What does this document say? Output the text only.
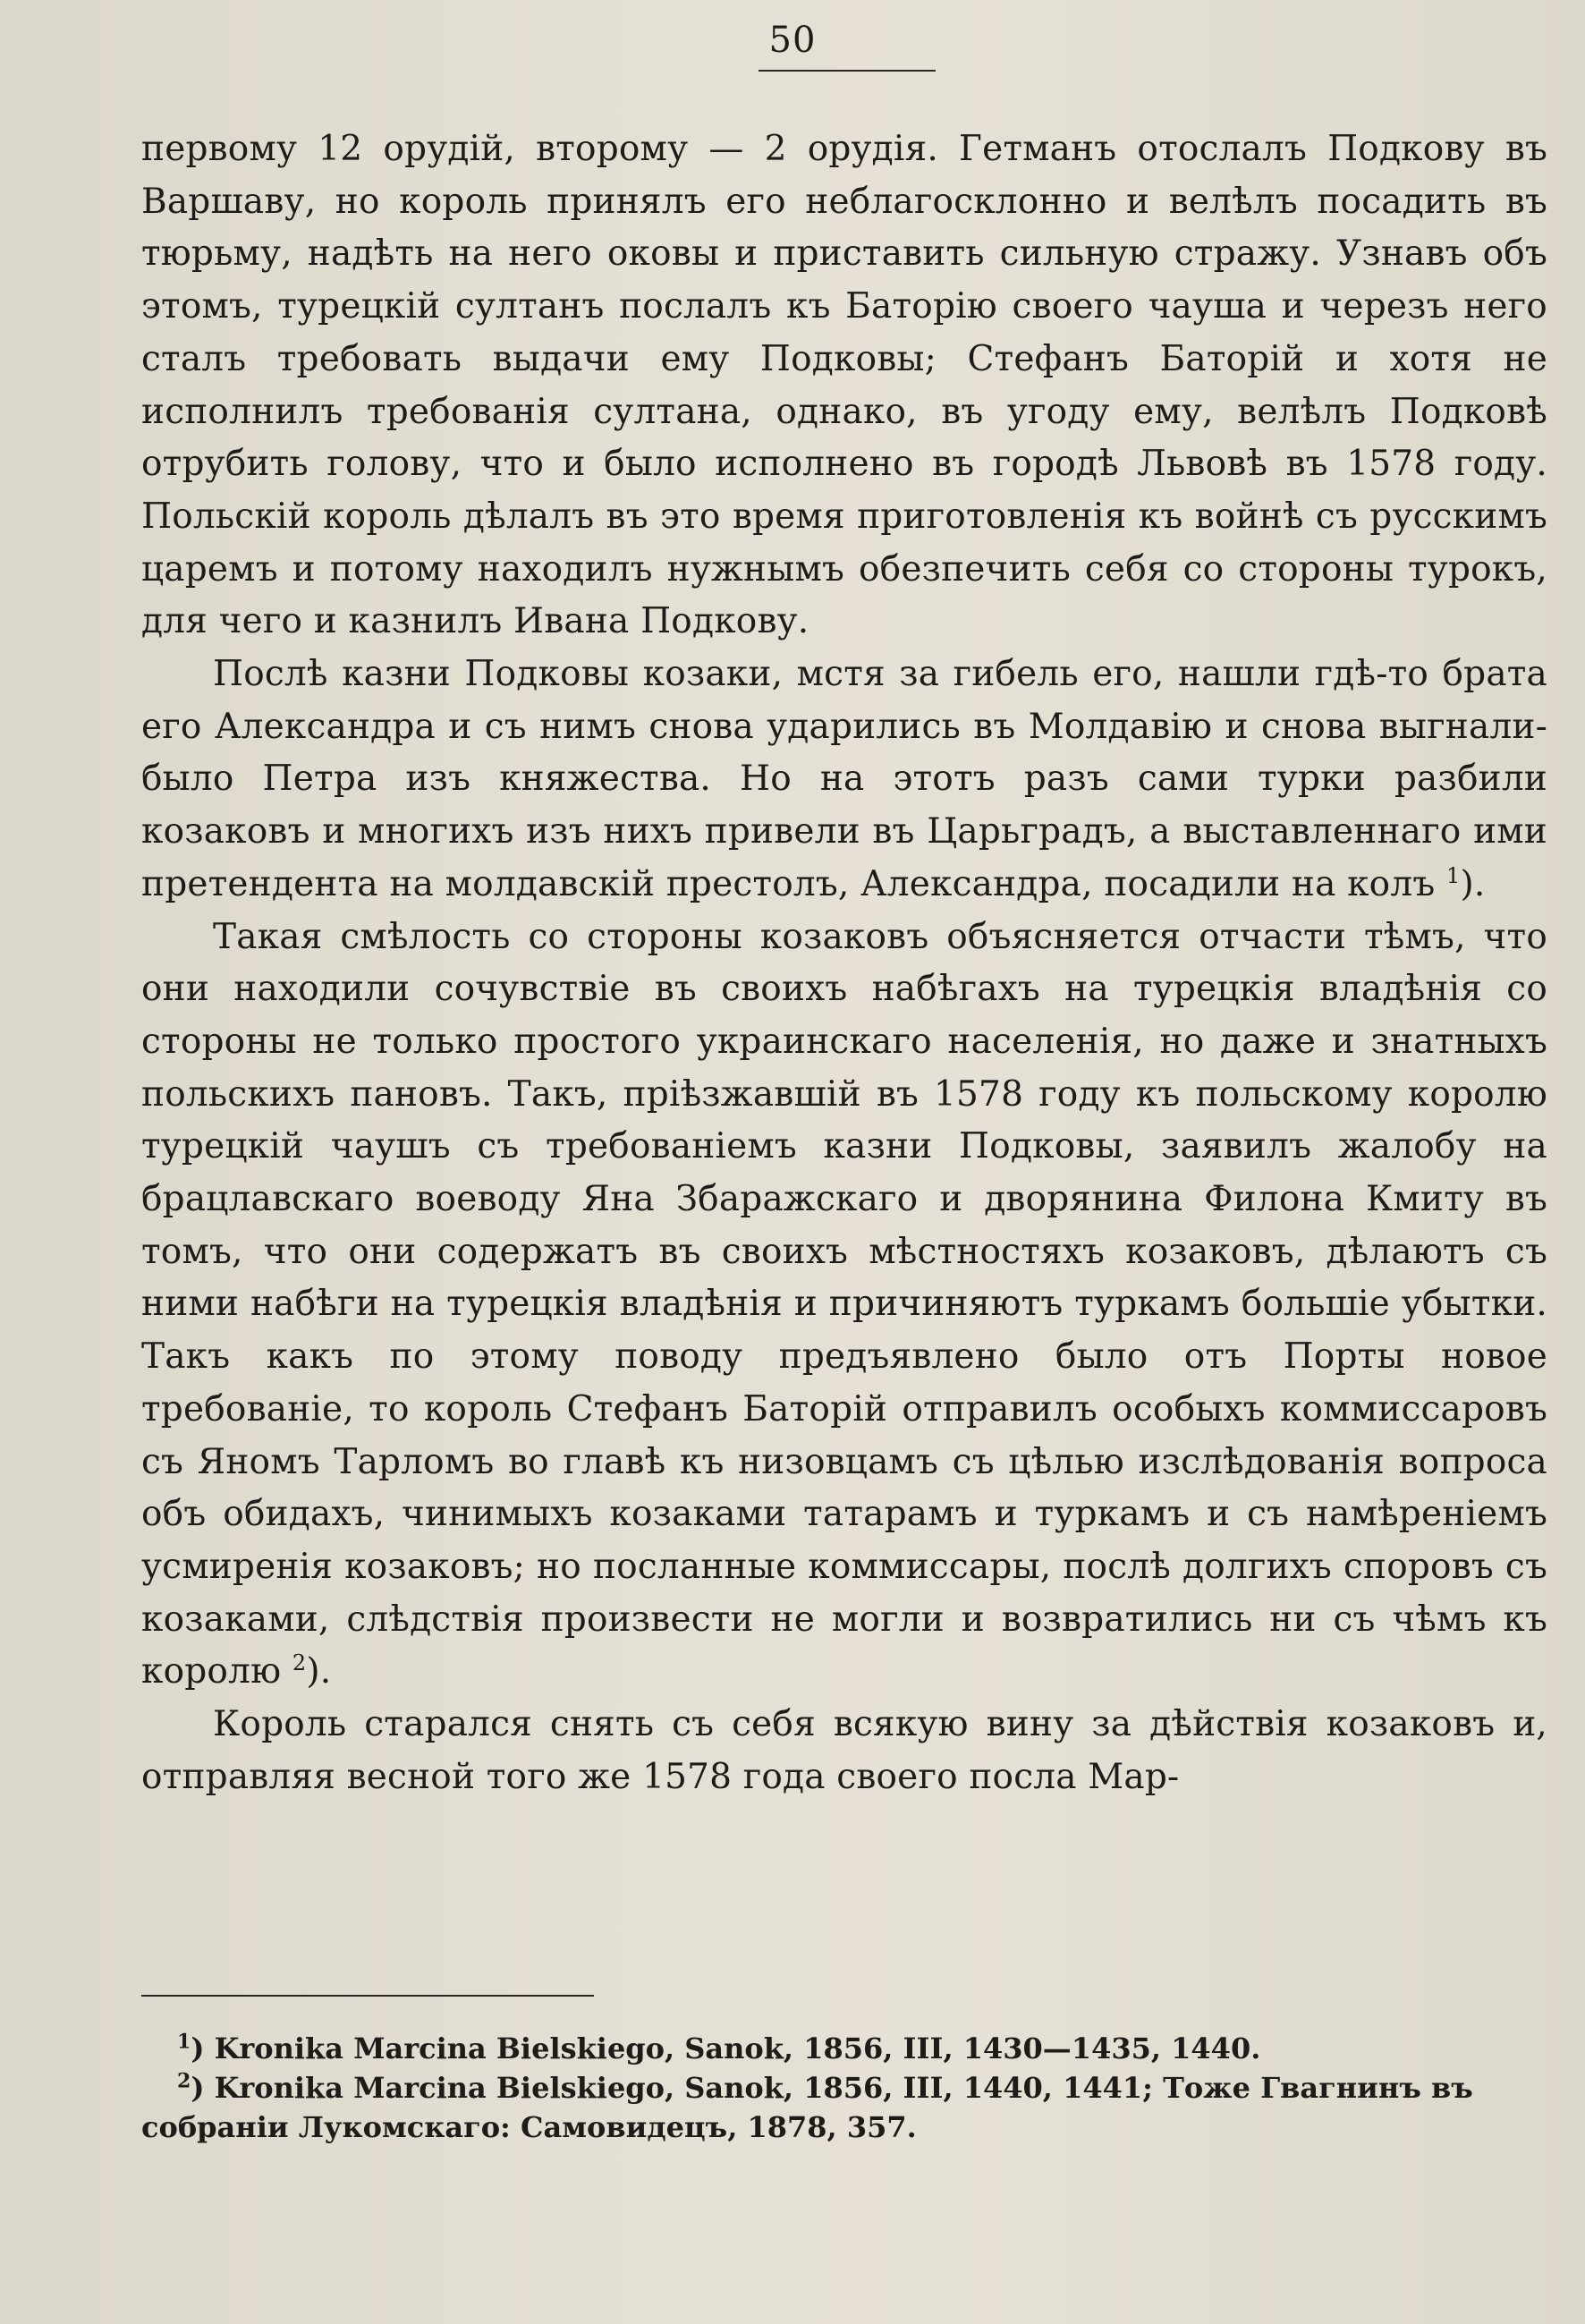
50

первому 12 орудій, второму — 2 орудія. Гетманъ отослалъ Подкову въ Варшаву, но король принялъ его неблагосклонно и велѣлъ посадить въ тюрьму, надѣть на него оковы и приставить сильную стражу. Узнавъ объ этомъ, турецкій султанъ послалъ къ Баторію своего чауша и черезъ него сталъ требовать выдачи ему Подковы; Стефанъ Баторій и хотя не исполнилъ требованія султана, однако, въ угоду ему, велѣлъ Подковѣ отрубить голову, что и было исполнено въ городѣ Львовѣ въ 1578 году. Польскій король дѣлалъ въ это время приготовленія къ войнѣ съ русскимъ царемъ и потому находилъ нужнымъ обезпечить себя со стороны турокъ, для чего и казнилъ Ивана Подкову.

Послѣ казни Подковы козаки, мстя за гибель его, нашли гдѣ-то брата его Александра и съ нимъ снова ударились въ Молдавію и снова выгнали-было Петра изъ княжества. Но на этотъ разъ сами турки разбили козаковъ и многихъ изъ нихъ привели въ Царьградъ, а выставленнаго ими претендента на молдавскій престолъ, Александра, посадили на колъ $^1$).

Такая смѣлость со стороны козаковъ объясняется отчасти тѣмъ, что они находили сочувствіе въ своихъ набѣгахъ на турецкія владѣнія со стороны не только простого украинскаго населенія, но даже и знатныхъ польскихъ пановъ. Такъ, пріѣзжавшій въ 1578 году къ польскому королю турецкій чаушъ съ требованіемъ казни Подковы, заявилъ жалобу на брацлавскаго воеводу Яна Збаражскаго и дворянина Филона Кмиту въ томъ, что они содержатъ въ своихъ мѣстностяхъ козаковъ, дѣлаютъ съ ними набѣги на турецкія владѣнія и причиняютъ туркамъ большіе убытки. Такъ какъ по этому поводу предъявлено было отъ Порты новое требованіе, то король Стефанъ Баторій отправилъ особыхъ коммиссаровъ съ Яномъ Тарломъ во главѣ къ низовцамъ съ цѣлью изслѣдованія вопроса объ обидахъ, чинимыхъ козаками татарамъ и туркамъ и съ намѣреніемъ усмиренія козаковъ; но посланные коммиссары, послѣ долгихъ споровъ съ козаками, слѣдствія произвести не могли и возвратились ни съ чѣмъ къ королю $^2$).

Король старался снять съ себя всякую вину за дѣйствія козаковъ и, отправляя весной того же 1578 года своего посла Мар-

$^1$) Kronika Marcina Bielskiego, Sanok, 1856, III, 1430—1435, 1440.

$^2$) Kronika Marcina Bielskiego, Sanok, 1856, III, 1440, 1441; Тоже Гвагнинъ въ собраніи Лукомскаго: Самовидецъ, 1878, 357.
